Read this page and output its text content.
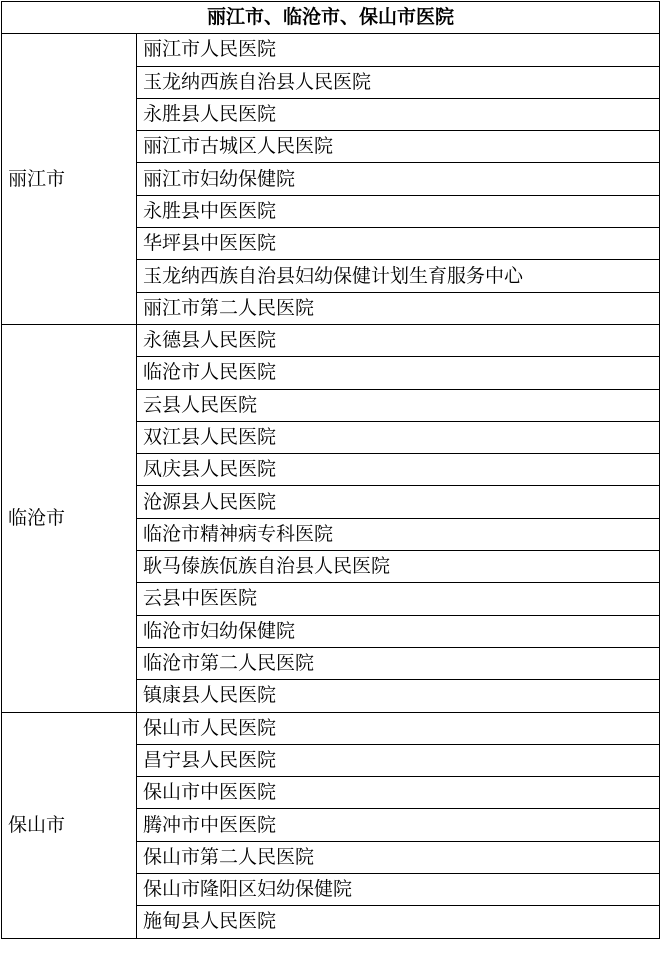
丽江市、临沧市、保山市医院	
丽江市	丽江市人民医院
	玉龙纳西族自治县人民医院
	永胜县人民医院
	丽江市古城区人民医院
	丽江市妇幼保健院
	永胜县中医医院
	华坪县中医医院
	玉龙纳西族自治县妇幼保健计划生育服务中心
	丽江市第二人民医院
临沧市	永德县人民医院
	临沧市人民医院
	云县人民医院
	双江县人民医院
	凤庆县人民医院
	沧源县人民医院
	临沧市精神病专科医院
	耿马傣族佤族自治县人民医院
	云县中医医院
	临沧市妇幼保健院
	临沧市第二人民医院
	镇康县人民医院
保山市	保山市人民医院
	昌宁县人民医院
	保山市中医医院
	腾冲市中医医院
	保山市第二人民医院
	保山市隆阳区妇幼保健院
	施甸县人民医院
